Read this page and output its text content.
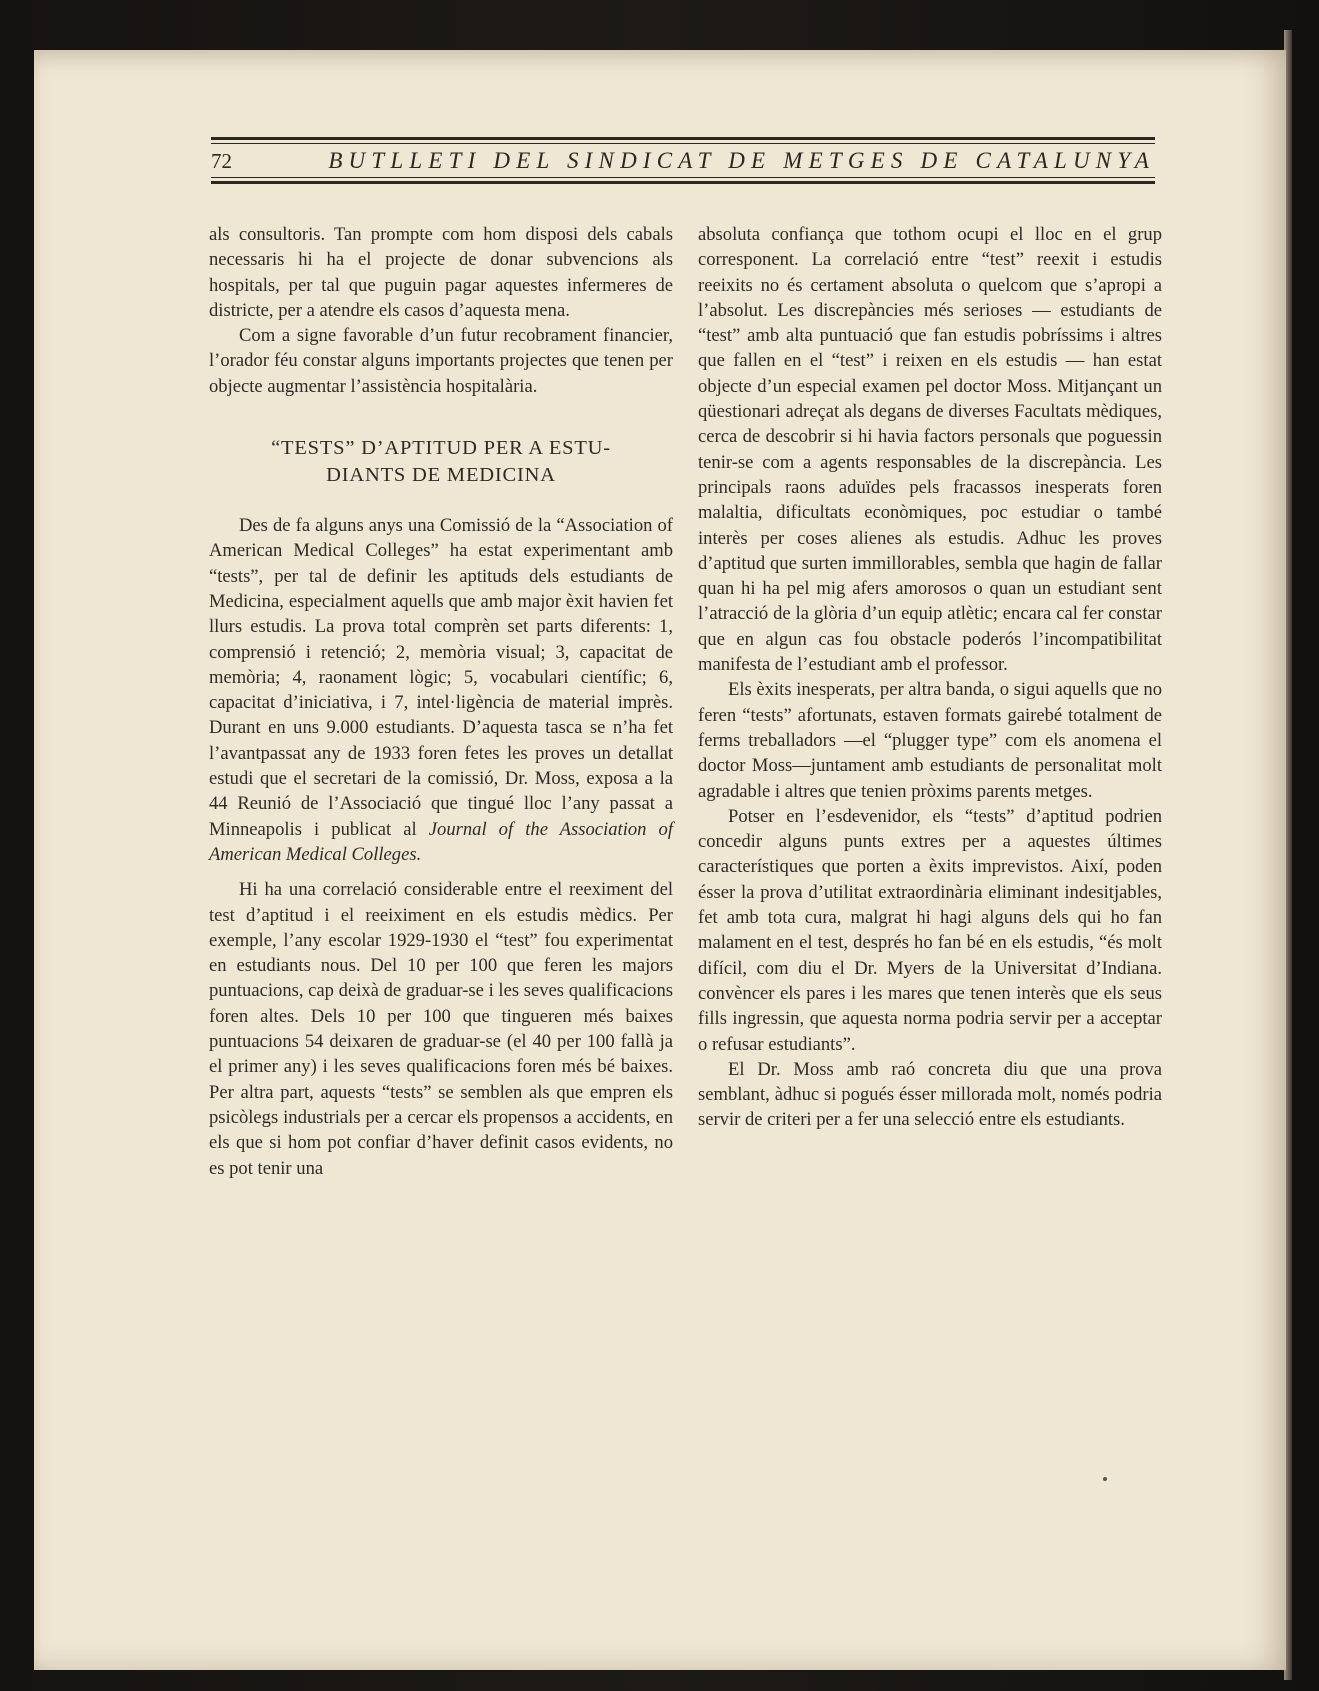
72	BUTLLETI DEL SINDICAT DE METGES DE CATALUNYA

als consultoris. Tan prompte com hom disposi dels cabals necessaris hi ha el projecte de donar subvencions als hospitals, per tal que puguin pagar aquestes infermeres de districte, per a atendre els casos d’aquesta mena.

Com a signe favorable d’un futur recobrament financier, l’orador féu constar alguns importants projectes que tenen per objecte augmentar l’assistència hospitalària.

“TESTS” D’APTITUD PER A ESTU-
DIANTS DE MEDICINA

Des de fa alguns anys una Comissió de la “Association of American Medical Colleges” ha estat experimentant amb “tests”, per tal de definir les aptituds dels estudiants de Medicina, especialment aquells que amb major èxit havien fet llurs estudis. La prova total comprèn set parts diferents: 1, comprensió i retenció; 2, memòria visual; 3, capacitat de memòria; 4, raonament lògic; 5, vocabulari científic; 6, capacitat d’iniciativa, i 7, intel·ligència de material imprès. Durant en uns 9.000 estudiants. D’aquesta tasca se n’ha fet l’avantpassat any de 1933 foren fetes les proves un detallat estudi que el secretari de la comissió, Dr. Moss, exposa a la 44 Reunió de l’Associació que tingué lloc l’any passat a Minneapolis i publicat al Journal of the Association of American Medical Colleges.

Hi ha una correlació considerable entre el reeximent del test d’aptitud i el reeiximent en els estudis mèdics. Per exemple, l’any escolar 1929-1930 el “test” fou experimentat en estudiants nous. Del 10 per 100 que feren les majors puntuacions, cap deixà de graduar-se i les seves qualificacions foren altes. Dels 10 per 100 que tingueren més baixes puntuacions 54 deixaren de graduar-se (el 40 per 100 fallà ja el primer any) i les seves qualificacions foren més bé baixes. Per altra part, aquests “tests” se semblen als que empren els psicòlegs industrials per a cercar els propensos a accidents, en els que si hom pot confiar d’haver definit casos evidents, no es pot tenir una

absoluta confiança que tothom ocupi el lloc en el grup corresponent. La correlació entre “test” reexit i estudis reeixits no és certament absoluta o quelcom que s’apropi a l’absolut. Les discrepàncies més serioses — estudiants de “test” amb alta puntuació que fan estudis pobríssims i altres que fallen en el “test” i reixen en els estudis — han estat objecte d’un especial examen pel doctor Moss. Mitjançant un qüestionari adreçat als degans de diverses Facultats mèdiques, cerca de descobrir si hi havia factors personals que poguessin tenir-se com a agents responsables de la discrepància. Les principals raons aduïdes pels fracassos inesperats foren malaltia, dificultats econòmiques, poc estudiar o també interès per coses alienes als estudis. Adhuc les proves d’aptitud que surten immillorables, sembla que hagin de fallar quan hi ha pel mig afers amorosos o quan un estudiant sent l’atracció de la glòria d’un equip atlètic; encara cal fer constar que en algun cas fou obstacle poderós l’incompatibilitat manifesta de l’estudiant amb el professor.

Els èxits inesperats, per altra banda, o sigui aquells que no feren “tests” afortunats, estaven formats gairebé totalment de ferms treballadors —el “plugger type” com els anomena el doctor Moss—juntament amb estudiants de personalitat molt agradable i altres que tenien pròxims parents metges.

Potser en l’esdevenidor, els “tests” d’aptitud podrien concedir alguns punts extres per a aquestes últimes característiques que porten a èxits imprevistos. Així, poden ésser la prova d’utilitat extraordinària eliminant indesitjables, fet amb tota cura, malgrat hi hagi alguns dels qui ho fan malament en el test, després ho fan bé en els estudis, “és molt difícil, com diu el Dr. Myers de la Universitat d’Indiana. convèncer els pares i les mares que tenen interès que els seus fills ingressin, que aquesta norma podria servir per a acceptar o refusar estudiants”.

El Dr. Moss amb raó concreta diu que una prova semblant, àdhuc si pogués ésser millorada molt, només podria servir de criteri per a fer una selecció entre els estudiants.
